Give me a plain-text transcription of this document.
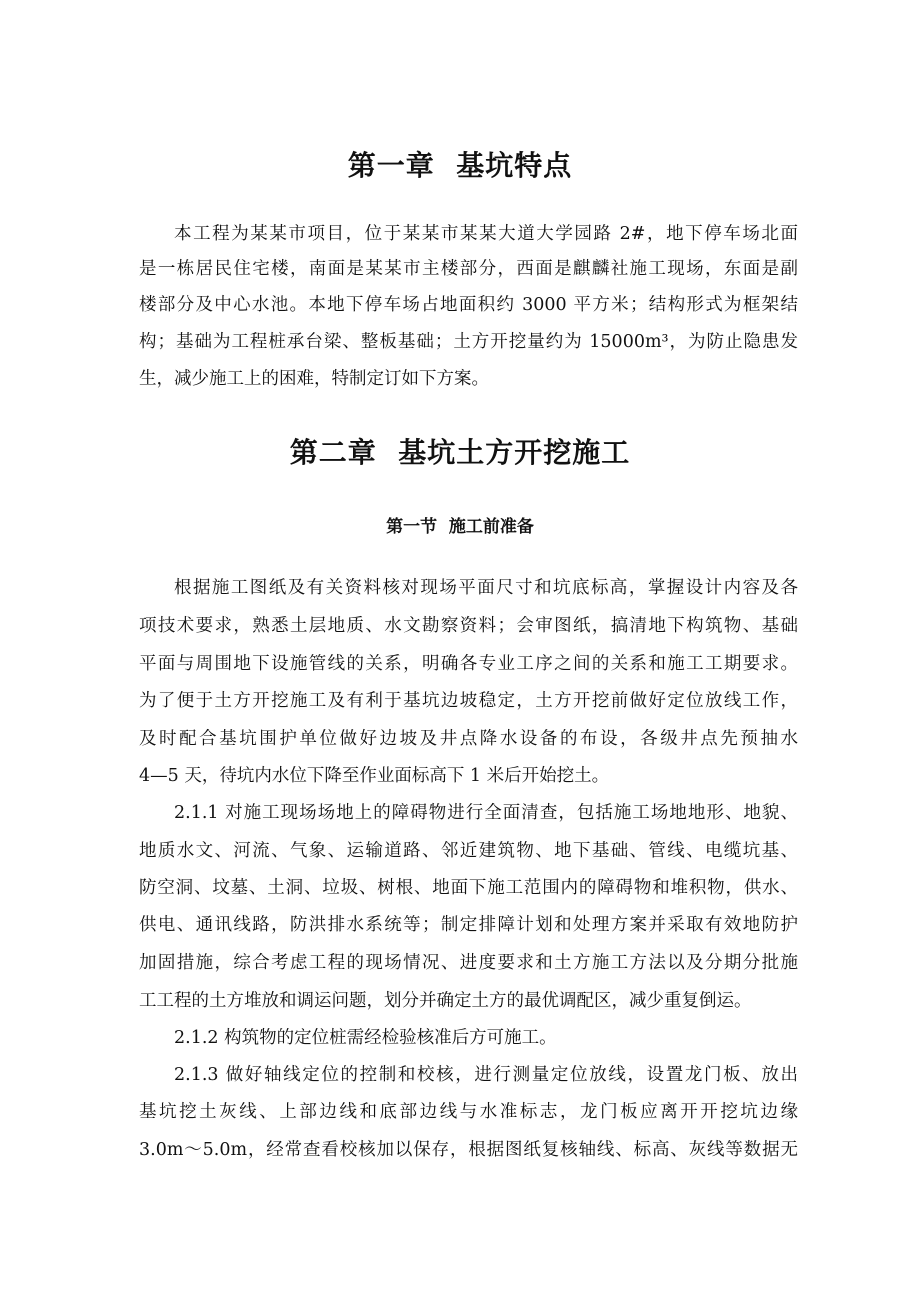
第一章  基坑特点
本工程为某某市项目，位于某某市某某大道大学园路 2#，地下停车场北面
是一栋居民住宅楼，南面是某某市主楼部分，西面是麒麟社施工现场，东面是副
楼部分及中心水池。本地下停车场占地面积约 3000 平方米；结构形式为框架结
构；基础为工程桩承台梁、整板基础；土方开挖量约为 15000m³，为防止隐患发
生，减少施工上的困难，特制定订如下方案。
第二章  基坑土方开挖施工
第一节  施工前准备
根据施工图纸及有关资料核对现场平面尺寸和坑底标高，掌握设计内容及各
项技术要求，熟悉土层地质、水文勘察资料；会审图纸，搞清地下构筑物、基础
平面与周围地下设施管线的关系，明确各专业工序之间的关系和施工工期要求。
为了便于土方开挖施工及有利于基坑边坡稳定，土方开挖前做好定位放线工作，
及时配合基坑围护单位做好边坡及井点降水设备的布设，各级井点先预抽水
4—5 天，待坑内水位下降至作业面标高下 1 米后开始挖土。
2.1.1 对施工现场场地上的障碍物进行全面清查，包括施工场地地形、地貌、
地质水文、河流、气象、运输道路、邻近建筑物、地下基础、管线、电缆坑基、
防空洞、坟墓、土洞、垃圾、树根、地面下施工范围内的障碍物和堆积物，供水、
供电、通讯线路，防洪排水系统等；制定排障计划和处理方案并采取有效地防护
加固措施，综合考虑工程的现场情况、进度要求和土方施工方法以及分期分批施
工工程的土方堆放和调运问题，划分并确定土方的最优调配区，减少重复倒运。
2.1.2 构筑物的定位桩需经检验核准后方可施工。
2.1.3 做好轴线定位的控制和校核，进行测量定位放线，设置龙门板、放出
基坑挖土灰线、上部边线和底部边线与水准标志，龙门板应离开开挖坑边缘
3.0m～5.0m，经常查看校核加以保存，根据图纸复核轴线、标高、灰线等数据无
